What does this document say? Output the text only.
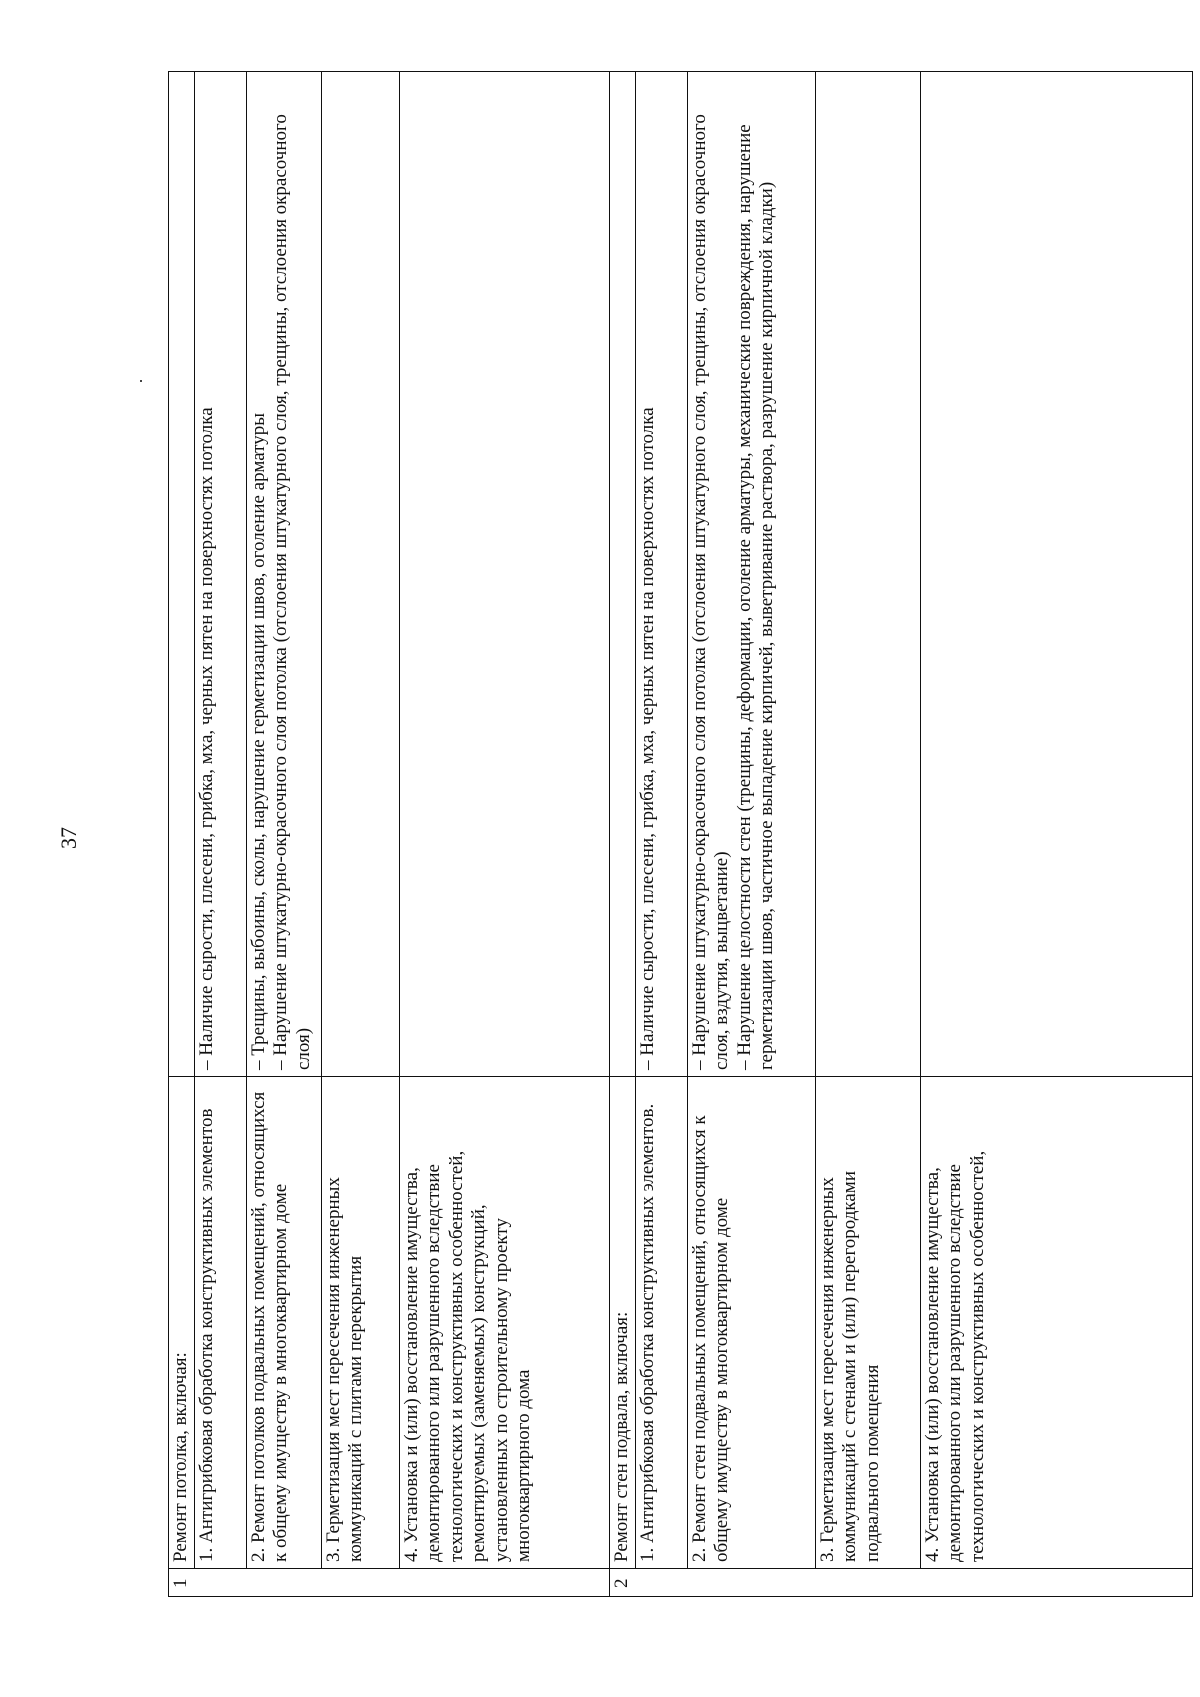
37
1	Ремонт потолка, включая:	
	1. Антигрибковая обработка конструктивных элементов	– Наличие сырости, плесени, грибка, мха, черных пятен на поверхностях потолка

	2. Ремонт потолков подвальных помещений, относящихся к общему имуществу в многоквартирном доме	– Трещины, выбоины, сколы, нарушение герметизации швов, оголение арматуры – Нарушение штукатурно-окрасочного слоя потолка (отслоения штукатурного слоя, трещины, отслоения окрасочного слоя)

	3. Герметизация мест пересечения инженерных коммуникаций с плитами перекрытия	
	4. Установка и (или) восстановление имущества, демонтированного или разрушенного вследствие технологических и конструктивных особенностей, ремонтируемых (заменяемых) конструкций, установленных по строительному проекту многоквартирного дома	
2	Ремонт стен подвала, включая:	
	1. Антигрибковая обработка конструктивных элементов.	– Наличие сырости, плесени, грибка, мха, черных пятен на поверхностях потолка

	2. Ремонт стен подвальных помещений, относящихся к общему имуществу в многоквартирном доме	– Нарушение штукатурно-окрасочного слоя потолка (отслоения штукатурного слоя, трещины, отслоения окрасочного слоя, вздутия, выцветание) – Нарушение целостности стен (трещины, деформации, оголение арматуры, механические повреждения, нарушение герметизации швов, частичное выпадение кирпичей, выветривание раствора, разрушение кирпичной кладки)

	3. Герметизация мест пересечения инженерных коммуникаций с стенами и (или) перегородками подвального помещения	
	4. Установка и (или) восстановление имущества, демонтированного или разрушенного вследствие технологических и конструктивных особенностей,	
